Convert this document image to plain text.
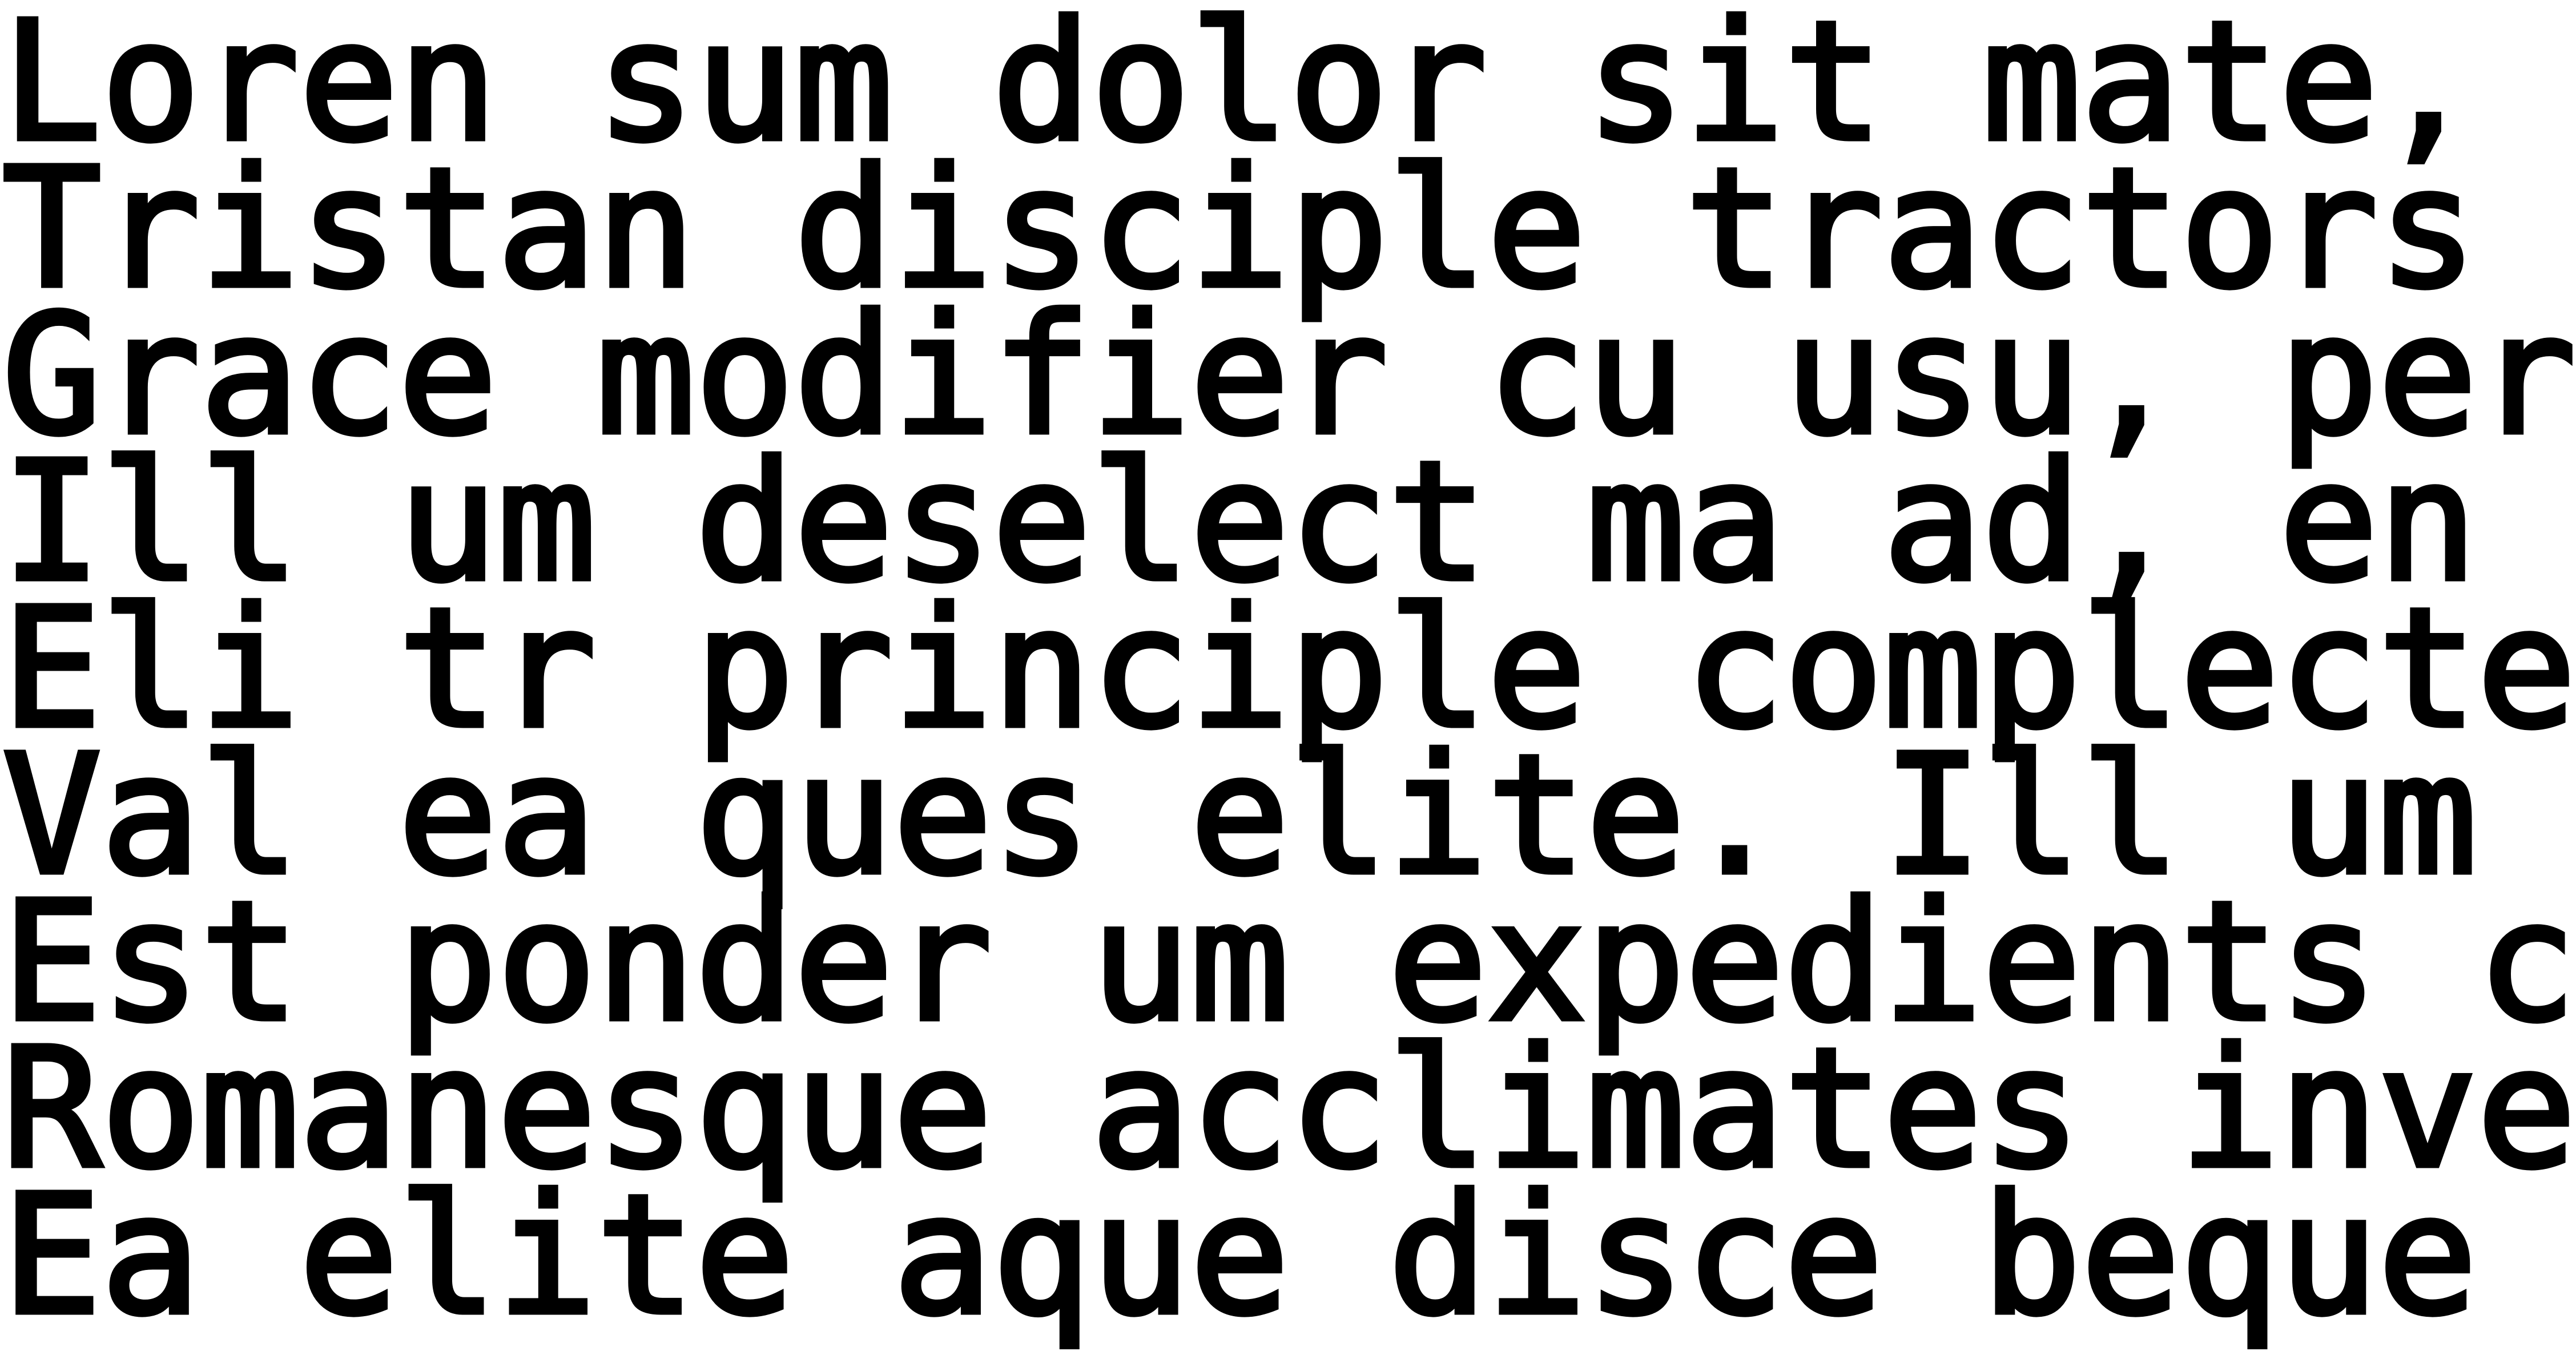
Loren sum dolor sit mate,

Tristan disciple tractors

Grace modifier cu usu, per

Ill um deselect ma ad, en

Eli tr principle complecte

Val ea ques elite. Ill um

Est ponder um expedients c

Romanesque acclimates inve

Ea elite aque disce beque
